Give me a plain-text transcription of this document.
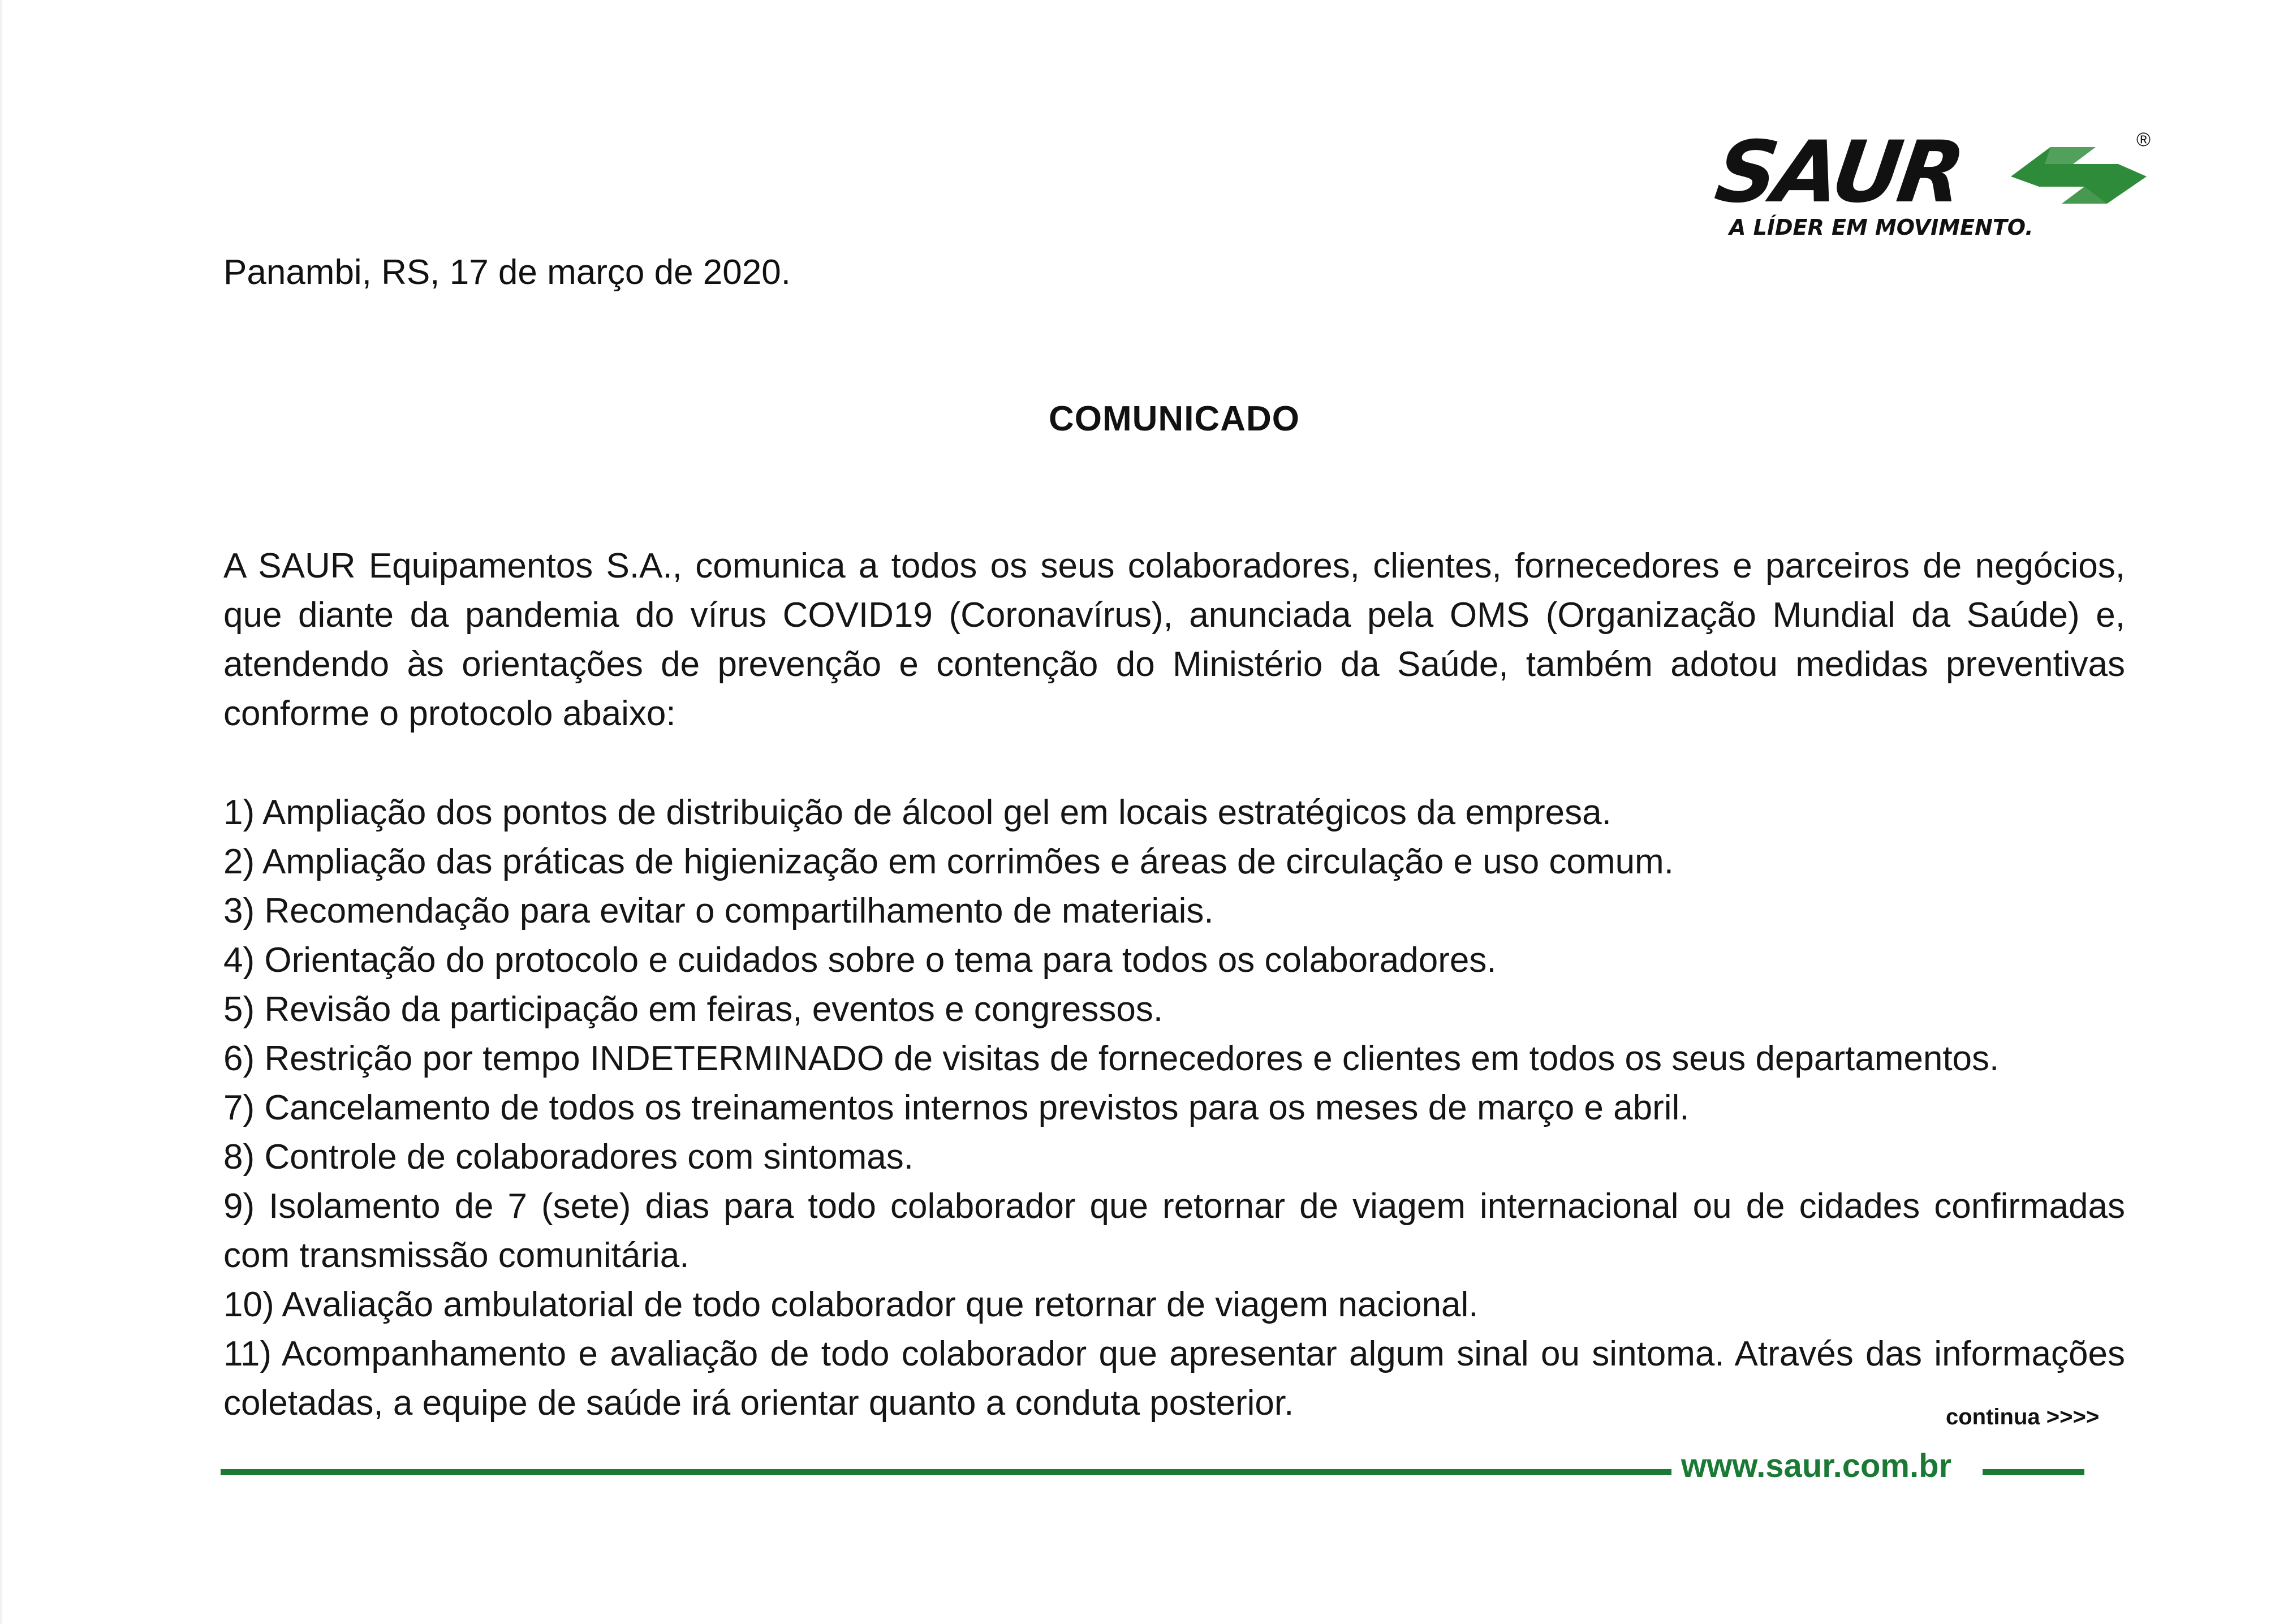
SAUR	®
A LÍDER EM MOVIMENTO.
Panambi, RS, 17 de março de 2020.
COMUNICADO

A SAUR Equipamentos S.A., comunica a todos os seus colaboradores, clientes, fornecedores e parceiros de negócios, que diante da pandemia do vírus COVID19 (Coronavírus), anunciada pela OMS (Organização Mundial da Saúde) e, atendendo às orientações de prevenção e contenção do Ministério da Saúde, também adotou medidas preventivas conforme o protocolo abaixo:

1) Ampliação dos pontos de distribuição de álcool gel em locais estratégicos da empresa.
2) Ampliação das práticas de higienização em corrimões e áreas de circulação e uso comum.
3) Recomendação para evitar o compartilhamento de materiais.
4) Orientação do protocolo e cuidados sobre o tema para todos os colaboradores.
5) Revisão da participação em feiras, eventos e congressos.
6) Restrição por tempo INDETERMINADO de visitas de fornecedores e clientes em todos os seus departamentos.
7) Cancelamento de todos os treinamentos internos previstos para os meses de março e abril.
8) Controle de colaboradores com sintomas.
9) Isolamento de 7 (sete) dias para todo colaborador que retornar de viagem internacional ou de cidades confirmadas com transmissão comunitária.
10) Avaliação ambulatorial de todo colaborador que retornar de viagem nacional.
11) Acompanhamento e avaliação de todo colaborador que apresentar algum sinal ou sintoma. Através das informações coletadas, a equipe de saúde irá orientar quanto a conduta posterior.	continua >>>>
www.saur.com.br
